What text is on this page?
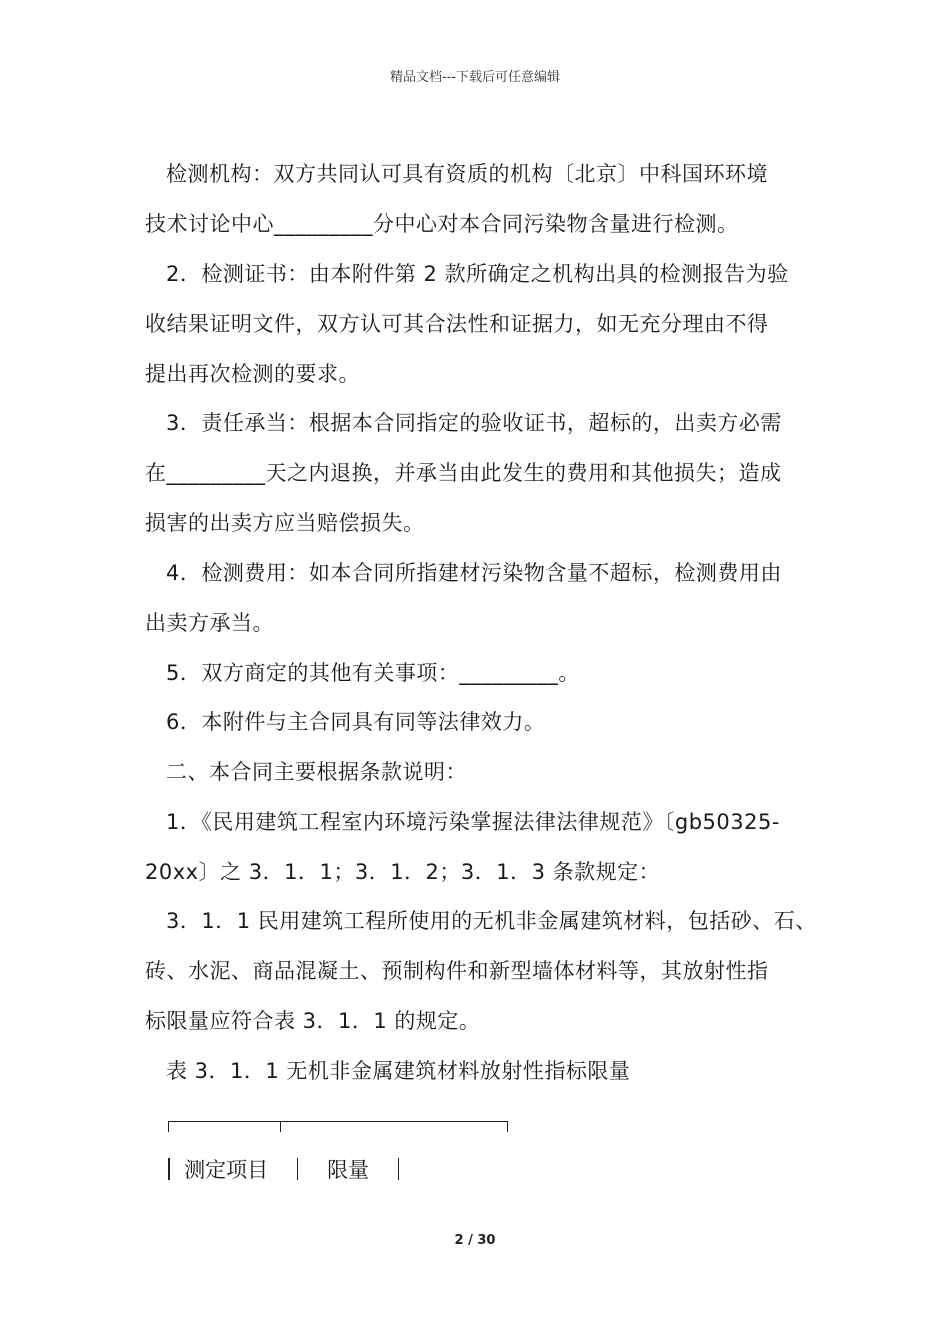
精品文档---下载后可任意编辑
检测机构：双方共同认可具有资质的机构〔北京〕中科国环环境
技术讨论中心_________分中心对本合同污染物含量进行检测。
2．检测证书：由本附件第 2 款所确定之机构出具的检测报告为验
收结果证明文件，双方认可其合法性和证据力，如无充分理由不得
提出再次检测的要求。
3．责任承当：根据本合同指定的验收证书，超标的，出卖方必需
在_________天之内退换，并承当由此发生的费用和其他损失；造成
损害的出卖方应当赔偿损失。
4．检测费用：如本合同所指建材污染物含量不超标，检测费用由
出卖方承当。
5．双方商定的其他有关事项：_________。
6．本附件与主合同具有同等法律效力。
二、本合同主要根据条款说明：
1．《民用建筑工程室内环境污染掌握法律法律规范》〔gb50325-
20xx〕之 3．1．1；3．1．2；3．1．3 条款规定：
3．1．1 民用建筑工程所使用的无机非金属建筑材料，包括砂、石、
砖、水泥、商品混凝土、预制构件和新型墙体材料等，其放射性指
标限量应符合表 3．1．1 的规定。
表 3．1．1 无机非金属建筑材料放射性指标限量
测定项目	限量
2 / 30
